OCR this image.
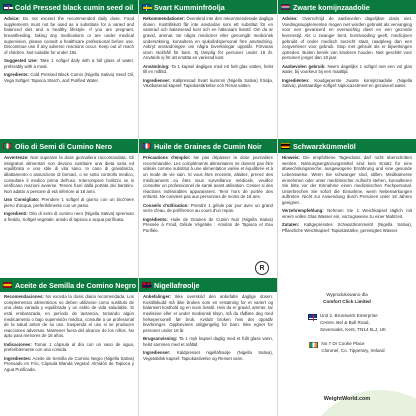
Cold Pressed black cumin seed oil

Advice: Do not exceed the recommended daily dose. Food supplements must not be used as a substitute for a varied and balanced diet and a healthy lifestyle. If you are pregnant, breastfeeding, taking any medications or are under medical supervision, please consult a healthcare professional before use. Discontinue use if any adverse reactions occur. Keep out of reach of children. Not suitable for under 18s.

Suggested Use: Take 1 softgel daily with a full glass of water, preferably with a meal.

Ingredients: Cold Pressed Black Cumin (Nigella Sativa) Seed Oil, Vega Softgel: Tapioca Starch, and Purified Water.

Olio di Semi di Cumino Nero

Avvertenze: Non superare la dose giornaliera raccomandata. Gli integratori alimentari non devono sostituire una dieta varia ed equilibrata e uno stile di vita sano. In caso di gravidanza, allattamento o assunzione di farmaci, o se sotto controllo medico, consultare il medico prima dell'uso. Interrompere l'utilizzo se si verificano reazioni avverse. Tenere fuori dalla portata dei bambini. Non adatto a persone di età inferiore ai 18 anni.

Uso Consigliato: Prendere 1 softgel al giorno con un bicchiere pieno d'acqua, preferibilmente con un pasto.

Ingredienti: Olio di semi di cumino nero (Nigella Sativa) spremuto a freddo, Softgel vegetale: amido di tapioca e acqua purificata.

Aceite de Semilla de Comino Negro

Recomendaciones: No exceda la dosis diaria recomendada. Los complementos alimenticios no deben utilizarse como sustituto de una dieta variada y equilibrada y un estilo de vida saludable. Si está embarazada, en período de lactancia, tomando algún medicamento o bajo supervisión médica, consulte a un profesional de la salud antes de su uso. Suspenda el uso si se producen reacciones adversas. Mantener fuera del alcance de los niños. No apto para menores de 18 años.

Indicaciones: Tomar 1 cápsula al día con un vaso de agua, preferiblemente con una comida.

Ingredientes: Aceite de Semilla de Comino Negro (Nigella Sativa) Prensado en Frío, Cápsula Blanda Vegetal: Almidón de Tapioca y Agua Purificada.

Svart Kumminfröolja

Rekommendationer: Överskrid inte den rekommenderade dagliga dosen. Kosttillskott får inte användas som ett substitut för en varierad och balanserad kost och en hälsosam livsstil. Om du är gravid, ammar, tar några mediciner eller genomgår medicinsk undersökning, konsultera en sjukvårdspersonal före användning. Avbryt användningen om några biverkningar uppstår. Förvaras utom räckhåll för barn. Ej lämplig för personer under 18 år. Används ej för att ersätta en varierad kost.

Användning: Ta 1 kapsel dagligen med ett helt glas vatten, helst till en måltid.

Ingredienser: Kallpressad Svart kummin (Nigella Sativa) fröolja, Växtbaserad kapsel: Tapiokastärkelse och Renat vatten.

Huile de Graines de Cumin Noir

Précautions d'emploi: Ne pas dépasser la dose journalière recommandée. Les compléments alimentaires ne doivent pas être utilisés comme substitut à une alimentation variée et équilibrée et à un mode de vie sain. Si vous êtes enceinte, allaitez, prenez des médicaments ou êtes sous surveillance médicale, veuillez consulter un professionnel de santé avant utilisation. Cesser si des réactions indésirables apparaissent. Tenir hors de portée des enfants. Ne convient pas aux personnes de moins de 18 ans.

Conseils d'utilisation: Prendre 1 gélule par jour avec un grand verre d'eau, de préférence au cours d'un repas.

Ingrédients: Huile de Graines de Cumin Noir (Nigella Sativa) Pressée à Froid, Gélule Végétale : Amidon de Tapioca et Eau Purifiée.

R
Nigellafrøolje

Anbefalinger: Ikke overskrid den anbefalte daglige dosen. Kosttilskudd må ikke brukes som en erstatning for et variert og balansert kosthold og en sunn livsstil. Hvis du er gravid, ammer, tar medisiner eller er under medisinsk tilsyn, må du rådføre deg med helsepersonell før bruk. Avslutt bruken hvis det oppstår bivirkninger. Oppbevares utilgjengelig for barn. Ikke egnet for personer under 18 år.

Brugsanvisning: Ta 1 myk kapsel daglig med et fullt glass vann, helst sammen med et måltid.

Ingredienser: Kaldpresset nigellafrøolje (Nigella Sativa), Vegetabilsk kapsel: Tapiokastivelse og Renset vann.

Zwarte komijnzaadolie

Advies: Overschrijd de aanbevolen dagelijkse dosis niet. Voedingssupplementen mogen niet worden gebruikt als vervanging voor een gevarieerd en evenwichtig dieet en een gezonde levensstijl. Als u zwanger bent, borstvoeding geeft, medicijnen gebruikt of onder medisch toezicht staat, raadpleeg dan een zorgverlener voor gebruik. Stop met gebruik als er bijwerkingen optreden. Buiten bereik van kinderen houden. Niet geschikt voor personen jonger dan 18 jaar.

Aanbevolen gebruik: Neem dagelijks 1 softgel met een vol glas water, bij voorkeur bij een maaltijd.

Ingrediënten: Koudgeperste zwarte komijnzaadolie (Nigella Sativa), plantaardige softgel: tapiocazetmeel en gezuiverd water.

Schwarzkümmelöl

Hinweis: Die empfohlene Tagesdosis darf nicht überschritten werden. Nahrungsergänzungsmittel sind kein Ersatz für eine abwechslungsreiche, ausgewogene Ernährung und eine gesunde Lebensweise. Wenn Sie schwanger sind, stillen, Medikamente einnehmen oder unter medizinischer Aufsicht stehen, konsultieren Sie bitte vor der Einnahme einen medizinischen Fachpersonal. Unterbrechen Sie sofort die Einnahme, wenn Nebenwirkungen auftreten. Nicht zur Anwendung durch Personen unter 18 Jahren geeignet.

Verzehrempfehlung: Nehmen Sie 1 Weichkapsel täglich mit einem vollen Glas Wasser ein, vorzugsweise zu einer Mahlzeit.

Zutaten: Kaltgepresstes Schwarzkümmelöl (Nigella Sativa), Pflanzliche Weichkapsel: Tapiokastärke, gereinigtes Wasser.

Wyprodukowano dla
Comfort Click Limited
Unit 2, Brunswick Enterprise
Centre, Bel & Bull Road,
Sevenoaks, Kent, TN14 5LJ, UK
No 7 Dr Cooke Place
Clonmel, Co. Tipperary, Ireland
WeightWorld.com
